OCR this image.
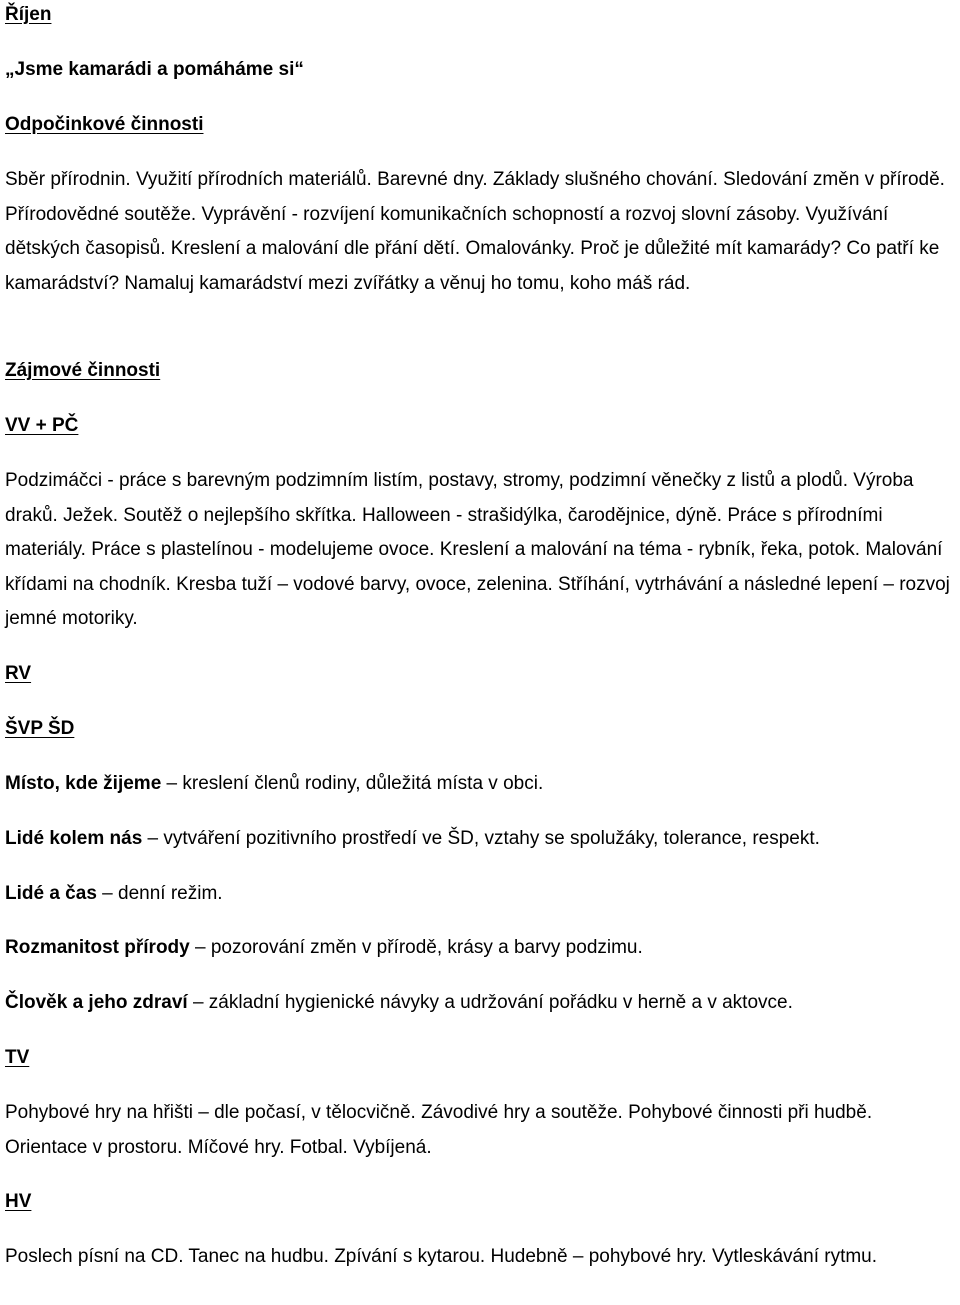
Říjen

„Jsme kamarádi a pomáháme si“

Odpočinkové činnosti

Sběr přírodnin. Využití přírodních materiálů. Barevné dny. Základy slušného chování. Sledování změn v přírodě. Přírodovědné soutěže. Vyprávění - rozvíjení komunikačních schopností a rozvoj slovní zásoby. Využívání dětských časopisů. Kreslení a malování dle přání dětí. Omalovánky. Proč je důležité mít kamarády? Co patří ke kamarádství? Namaluj kamarádství mezi zvířátky a věnuj ho tomu, koho máš rád.

Zájmové činnosti

VV + PČ

Podzimáčci - práce s barevným podzimním listím, postavy, stromy, podzimní věnečky z listů a plodů. Výroba draků. Ježek. Soutěž o nejlepšího skřítka. Halloween - strašidýlka, čarodějnice, dýně. Práce s přírodními materiály. Práce s plastelínou - modelujeme ovoce. Kreslení a malování na téma - rybník, řeka, potok. Malování křídami na chodník. Kresba tuží – vodové barvy, ovoce, zelenina. Stříhání, vytrhávání a následné lepení – rozvoj jemné motoriky.

RV

ŠVP ŠD

Místo, kde žijeme – kreslení členů rodiny, důležitá místa v obci.

Lidé kolem nás – vytváření pozitivního prostředí ve ŠD, vztahy se spolužáky, tolerance, respekt.

Lidé a čas – denní režim.

Rozmanitost přírody – pozorování změn v přírodě, krásy a barvy podzimu.

Člověk a jeho zdraví – základní hygienické návyky a udržování pořádku v herně a v aktovce.

TV

Pohybové hry na hřišti – dle počasí, v tělocvičně. Závodivé hry a soutěže. Pohybové činnosti při hudbě. Orientace v prostoru. Míčové hry. Fotbal. Vybíjená.

HV

Poslech písní na CD. Tanec na hudbu. Zpívání s kytarou. Hudebně – pohybové hry. Vytleskávání rytmu.
